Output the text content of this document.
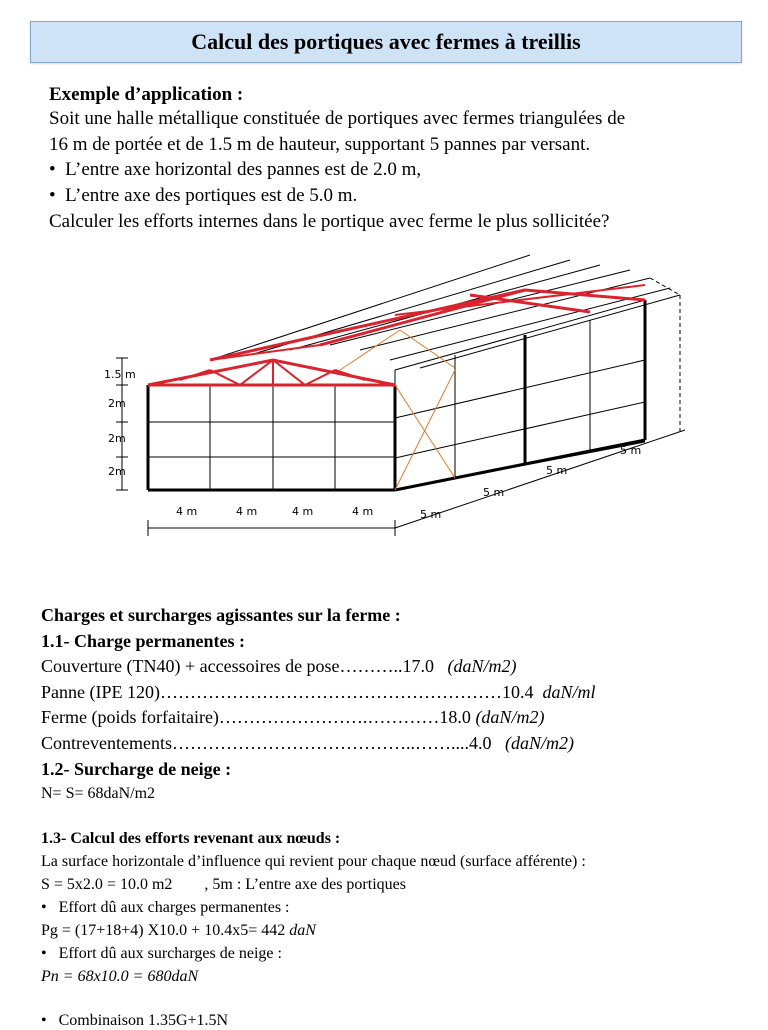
Calcul des portiques avec fermes à treillis
Exemple d’application :
Soit une halle métallique constituée de portiques avec fermes triangulées de
16 m de portée et de 1.5 m de hauteur, supportant 5 pannes par versant.
• L’entre axe horizontal des pannes est de 2.0 m,
• L’entre axe des portiques est de 5.0 m.
Calculer les efforts internes dans le portique avec ferme le plus sollicitée?
1.5 m
2m
2m
2m
4 m	4 m	4 m	4 m	5 m
5 m
5 m
5 m
Charges et surcharges agissantes sur la ferme :
1.1- Charge permanentes :
Couverture (TN40) + accessoires de pose………..17.0 (daN/m2)
Panne (IPE 120)…………………………………………………10.4 daN/ml
Ferme (poids forfaitaire)…………………….…………18.0 (daN/m2)
Contreventements…………………………………..……....4.0 (daN/m2)
1.2- Surcharge de neige :
N= S= 68daN/m2
1.3- Calcul des efforts revenant aux nœuds :
La surface horizontale d’influence qui revient pour chaque nœud (surface afférente) :
S = 5x2.0 = 10.0 m2 , 5m : L’entre axe des portiques
• Effort dû aux charges permanentes :
Pg = (17+18+4) X10.0 + 10.4x5= 442 daN
• Effort dû aux surcharges de neige :
Pn = 68x10.0 = 680daN
• Combinaison 1.35G+1.5N
